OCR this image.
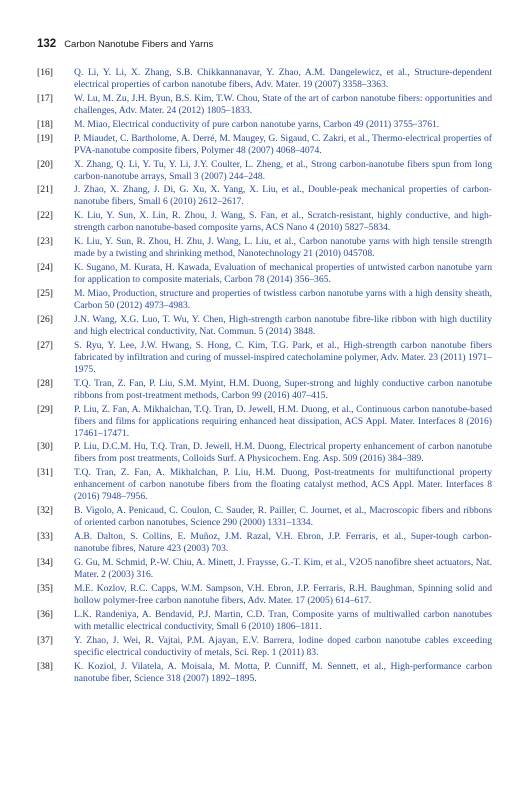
132 Carbon Nanotube Fibers and Yarns
[16] Q. Li, Y. Li, X. Zhang, S.B. Chikkannanavar, Y. Zhao, A.M. Dangelewicz, et al., Structure-dependent electrical properties of carbon nanotube fibers, Adv. Mater. 19 (2007) 3358–3363.
[17] W. Lu, M. Zu, J.H. Byun, B.S. Kim, T.W. Chou, State of the art of carbon nanotube fibers: opportunities and challenges, Adv. Mater. 24 (2012) 1805–1833.
[18] M. Miao, Electrical conductivity of pure carbon nanotube yarns, Carbon 49 (2011) 3755–3761.
[19] P. Miaudet, C. Bartholome, A. Derré, M. Maugey, G. Sigaud, C. Zakri, et al., Thermo-electrical properties of PVA-nanotube composite fibers, Polymer 48 (2007) 4068–4074.
[20] X. Zhang, Q. Li, Y. Tu, Y. Li, J.Y. Coulter, L. Zheng, et al., Strong carbon-nanotube fibers spun from long carbon-nanotube arrays, Small 3 (2007) 244–248.
[21] J. Zhao, X. Zhang, J. Di, G. Xu, X. Yang, X. Liu, et al., Double-peak mechanical properties of carbon-nanotube fibers, Small 6 (2010) 2612–2617.
[22] K. Liu, Y. Sun, X. Lin, R. Zhou, J. Wang, S. Fan, et al., Scratch-resistant, highly conductive, and high-strength carbon nanotube-based composite yarns, ACS Nano 4 (2010) 5827–5834.
[23] K. Liu, Y. Sun, R. Zhou, H. Zhu, J. Wang, L. Liu, et al., Carbon nanotube yarns with high tensile strength made by a twisting and shrinking method, Nanotechnology 21 (2010) 045708.
[24] K. Sugano, M. Kurata, H. Kawada, Evaluation of mechanical properties of untwisted carbon nanotube yarn for application to composite materials, Carbon 78 (2014) 356–365.
[25] M. Miao, Production, structure and properties of twistless carbon nanotube yarns with a high density sheath, Carbon 50 (2012) 4973–4983.
[26] J.N. Wang, X.G. Luo, T. Wu, Y. Chen, High-strength carbon nanotube fibre-like ribbon with high ductility and high electrical conductivity, Nat. Commun. 5 (2014) 3848.
[27] S. Ryu, Y. Lee, J.W. Hwang, S. Hong, C. Kim, T.G. Park, et al., High-strength carbon nanotube fibers fabricated by infiltration and curing of mussel-inspired catecholamine polymer, Adv. Mater. 23 (2011) 1971–1975.
[28] T.Q. Tran, Z. Fan, P. Liu, S.M. Myint, H.M. Duong, Super-strong and highly conductive carbon nanotube ribbons from post-treatment methods, Carbon 99 (2016) 407–415.
[29] P. Liu, Z. Fan, A. Mikhalchan, T.Q. Tran, D. Jewell, H.M. Duong, et al., Continuous carbon nanotube-based fibers and films for applications requiring enhanced heat dissipation, ACS Appl. Mater. Interfaces 8 (2016) 17461–17471.
[30] P. Liu, D.C.M. Hu, T.Q. Tran, D. Jewell, H.M. Duong, Electrical property enhancement of carbon nanotube fibers from post treatments, Colloids Surf. A Physicochem. Eng. Asp. 509 (2016) 384–389.
[31] T.Q. Tran, Z. Fan, A. Mikhalchan, P. Liu, H.M. Duong, Post-treatments for multifunctional property enhancement of carbon nanotube fibers from the floating catalyst method, ACS Appl. Mater. Interfaces 8 (2016) 7948–7956.
[32] B. Vigolo, A. Penicaud, C. Coulon, C. Sauder, R. Pailler, C. Journet, et al., Macroscopic fibers and ribbons of oriented carbon nanotubes, Science 290 (2000) 1331–1334.
[33] A.B. Dalton, S. Collins, E. Muñoz, J.M. Razal, V.H. Ebron, J.P. Ferraris, et al., Super-tough carbon-nanotube fibres, Nature 423 (2003) 703.
[34] G. Gu, M. Schmid, P.-W. Chiu, A. Minett, J. Fraysse, G.-T. Kim, et al., V2O5 nanofibre sheet actuators, Nat. Mater. 2 (2003) 316.
[35] M.E. Kozlov, R.C. Capps, W.M. Sampson, V.H. Ebron, J.P. Ferraris, R.H. Baughman, Spinning solid and hollow polymer-free carbon nanotube fibers, Adv. Mater. 17 (2005) 614–617.
[36] L.K. Randeniya, A. Bendavid, P.J. Martin, C.D. Tran, Composite yarns of multiwalled carbon nanotubes with metallic electrical conductivity, Small 6 (2010) 1806–1811.
[37] Y. Zhao, J. Wei, R. Vajtai, P.M. Ajayan, E.V. Barrera, Iodine doped carbon nanotube cables exceeding specific electrical conductivity of metals, Sci. Rep. 1 (2011) 83.
[38] K. Koziol, J. Vilatela, A. Moisala, M. Motta, P. Cunniff, M. Sennett, et al., High-performance carbon nanotube fiber, Science 318 (2007) 1892–1895.
